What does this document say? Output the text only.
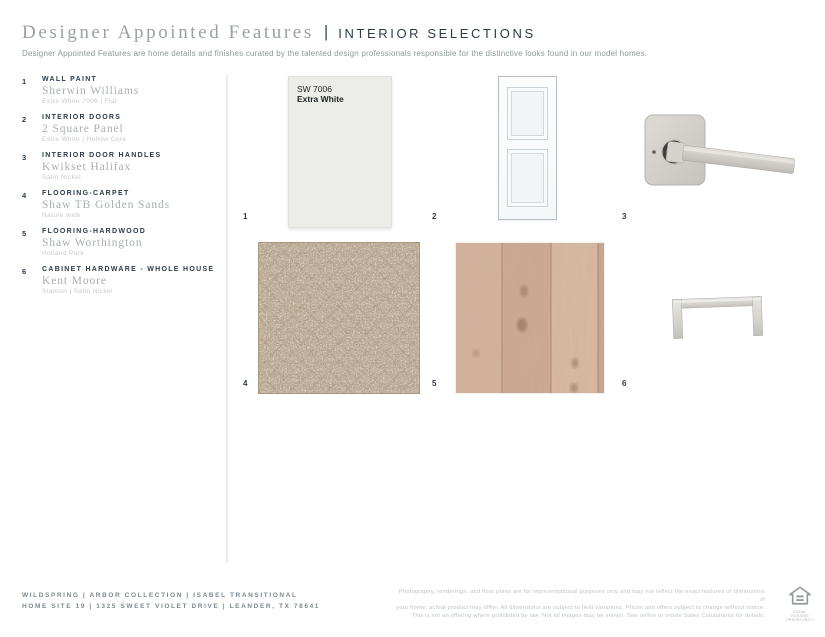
Designer Appointed Features | INTERIOR SELECTIONS

Designer Appointed Features are home details and finishes curated by the talented design professionals responsible for the distinctive looks found in our model homes.

1	WALL PAINT
Sherwin Williams
Extra White 7006 | Flat
2	INTERIOR DOORS
2 Square Panel
Extra White | Hollow Core
3	INTERIOR DOOR HANDLES
Kwikset Halifax
Satin Nickel
4	FLOORING-CARPET
Shaw TB Golden Sands
Nature walk
5	FLOORING-HARDWOOD
Shaw Worthington
Holland Park
6	CABINET HARDWARE - WHOLE HOUSE
Kent Moore
Stanton | Satin Nickel
SW 7006
Extra White
1	2	3
4	5	6
WILDSPRING | ARBOR COLLECTION | ISABEL TRANSITIONAL
HOME SITE 19 | 1325 SWEET VIOLET DRIVE | LEANDER, TX 78641
Photography, renderings, and floor plans are for representational purposes only and may not reflect the exact features or dimensions of
your home; actual product may differ. All dimensions are subject to field variations. Prices and offers subject to change without notice.
This is not an offering where prohibited by law. Not all images may be shown. See online or onsite Sales Consultants for details.
EQUAL HOUSING OPPORTUNITY
